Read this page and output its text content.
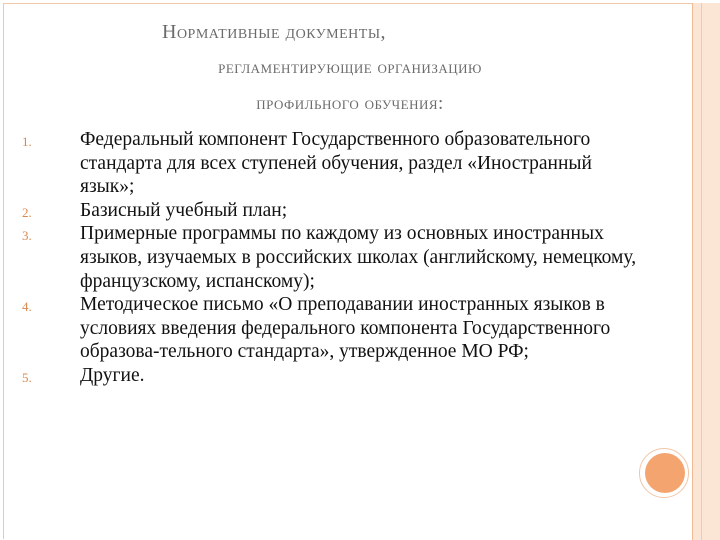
Нормативные документы,
регламентирующие организацию
профильного обучения:
1. Федеральный компонент Государственного образовательного стандарта для всех ступеней обучения, раздел «Иностранный язык»;
2. Базисный учебный план;
3. Примерные программы по каждому из основных иностранных языков, изучаемых в российских школах (английскому, немецкому, французскому, испанскому);
4. Методическое письмо «О преподавании иностранных языков в условиях введения федерального компонента Государственного образова-тельного стандарта», утвержденное МО РФ;
5. Другие.
